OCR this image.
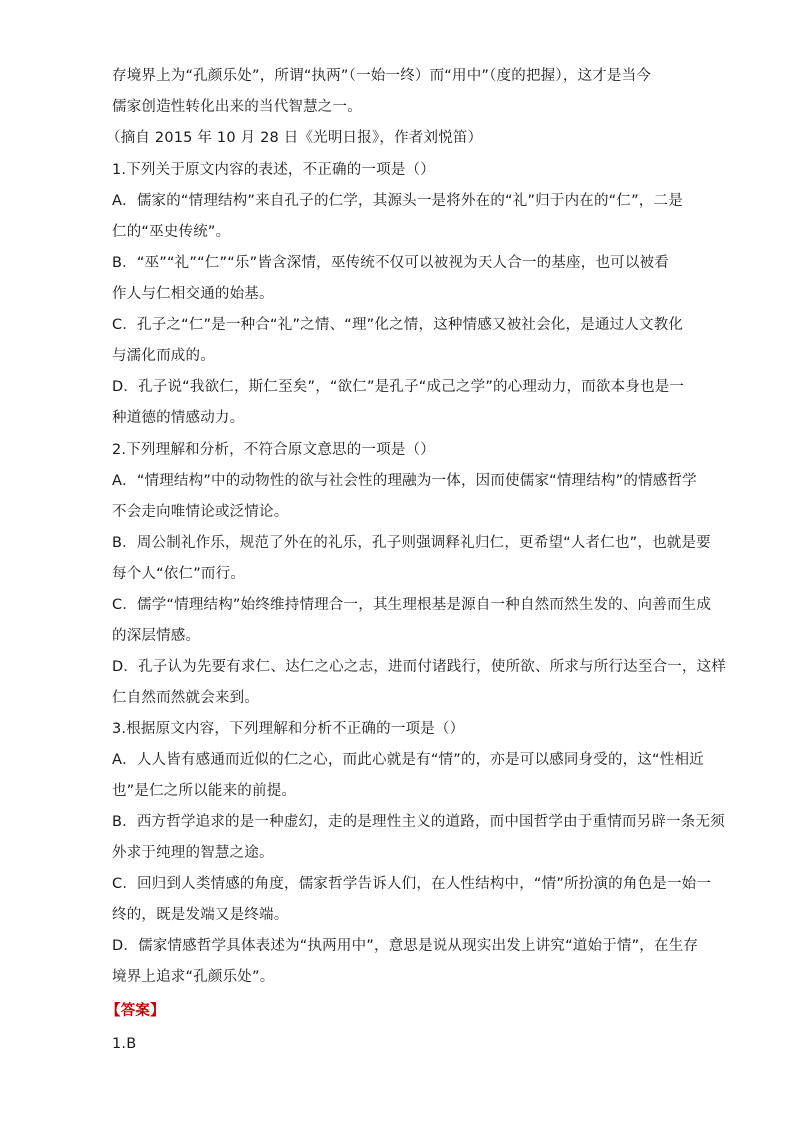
存境界上为“孔颜乐处”，所谓“执两”（一始一终）而“用中”（度的把握），这才是当今
儒家创造性转化出来的当代智慧之一。
（摘自 2015 年 10 月 28 日《光明日报》，作者刘悦笛）
1.下列关于原文内容的表述，不正确的一项是（）
A．儒家的“情理结构”来自孔子的仁学，其源头一是将外在的“礼”归于内在的“仁”，二是
仁的“巫史传统”。
B．“巫”“礼”“仁”“乐”皆含深情，巫传统不仅可以被视为天人合一的基座，也可以被看
作人与仁相交通的始基。
C．孔子之“仁”是一种合“礼”之情、“理”化之情，这种情感又被社会化，是通过人文教化
与濡化而成的。
D．孔子说“我欲仁，斯仁至矣”，“欲仁”是孔子“成己之学”的心理动力，而欲本身也是一
种道德的情感动力。
2.下列理解和分析，不符合原文意思的一项是（）
A．“情理结构”中的动物性的欲与社会性的理融为一体，因而使儒家“情理结构”的情感哲学
不会走向唯情论或泛情论。
B．周公制礼作乐，规范了外在的礼乐，孔子则强调释礼归仁，更希望“人者仁也”，也就是要
每个人“依仁”而行。
C．儒学“情理结构”始终维持情理合一，其生理根基是源自一种自然而然生发的、向善而生成
的深层情感。
D．孔子认为先要有求仁、达仁之心之志，进而付诸践行，使所欲、所求与所行达至合一，这样
仁自然而然就会来到。
3.根据原文内容，下列理解和分析不正确的一项是（）
A．人人皆有感通而近似的仁之心，而此心就是有“情”的，亦是可以感同身受的，这“性相近
也”是仁之所以能来的前提。
B．西方哲学追求的是一种虚幻，走的是理性主义的道路，而中国哲学由于重情而另辟一条无须
外求于纯理的智慧之途。
C．回归到人类情感的角度，儒家哲学告诉人们，在人性结构中，“情”所扮演的角色是一始一
终的，既是发端又是终端。
D．儒家情感哲学具体表述为“执两用中”，意思是说从现实出发上讲究“道始于情”，在生存
境界上追求“孔颜乐处”。
【答案】
1.B
